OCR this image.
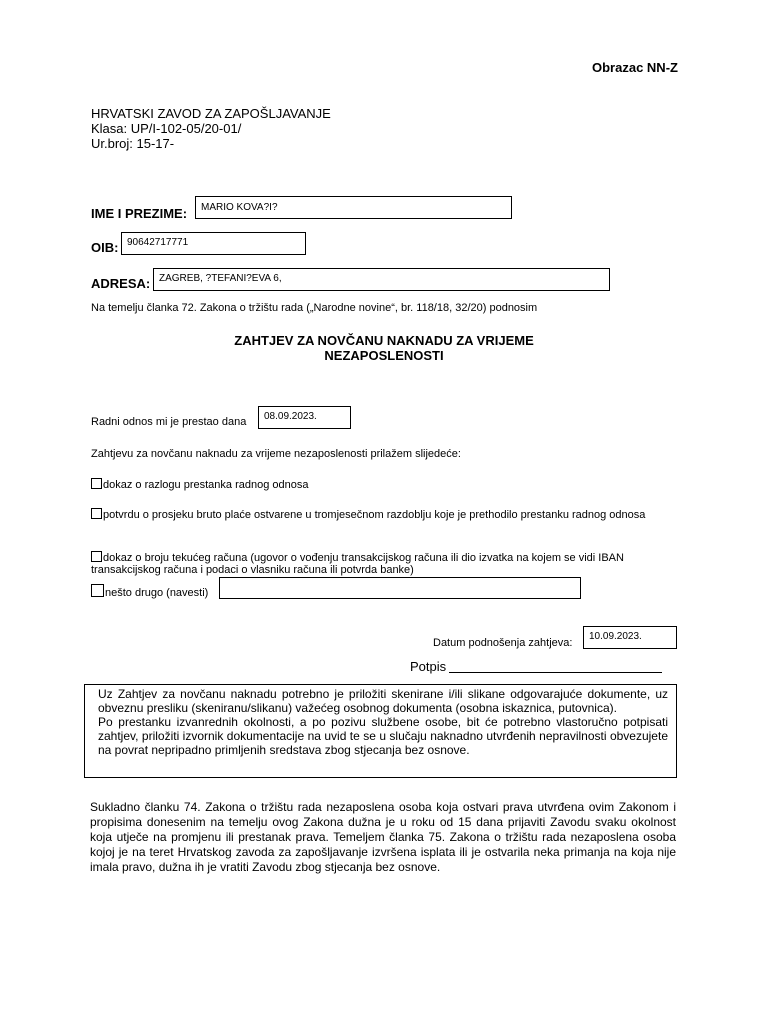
Obrazac NN-Z
HRVATSKI ZAVOD ZA ZAPOŠLJAVANJE
Klasa: UP/I-102-05/20-01/
Ur.broj: 15-17-
IME I PREZIME:	MARIO KOVA?I?
OIB: 90642717771
ADRESA: ZAGREB, ?TEFANI?EVA 6,
Na temelju članka 72. Zakona o tržištu rada („Narodne novine“, br. 118/18, 32/20) podnosim
ZAHTJEV ZA NOVČANU NAKNADU ZA VRIJEME
NEZAPOSLENOSTI
Radni odnos mi je prestao dana	08.09.2023.
Zahtjevu za novčanu naknadu za vrijeme nezaposlenosti prilažem slijedeće:
dokaz o razlogu prestanka radnog odnosa
potvrdu o prosjeku bruto plaće ostvarene u tromjesečnom razdoblju koje je prethodilo prestanku radnog odnosa
dokaz o broju tekućeg računa (ugovor o vođenju transakcijskog računa ili dio izvatka na kojem se vidi IBAN transakcijskog računa i podaci o vlasniku računa ili potvrda banke)
nešto drugo (navesti)
Datum podnošenja zahtjeva:
10.09.2023.
Potpis

Uz Zahtjev za novčanu naknadu potrebno je priložiti skenirane i/ili slikane odgovarajuće dokumente, uz obveznu presliku (skeniranu/slikanu) važećeg osobnog dokumenta (osobna iskaznica, putovnica).

Po prestanku izvanrednih okolnosti, a po pozivu službene osobe, bit će potrebno vlastoručno potpisati zahtjev, priložiti izvornik dokumentacije na uvid te se u slučaju naknadno utvrđenih nepravilnosti obvezujete na povrat nepripadno primljenih sredstava zbog stjecanja bez osnove.

Sukladno članku 74. Zakona o tržištu rada nezaposlena osoba koja ostvari prava utvrđena ovim Zakonom i propisima donesenim na temelju ovog Zakona dužna je u roku od 15 dana prijaviti Zavodu svaku okolnost koja utječe na promjenu ili prestanak prava. Temeljem članka 75. Zakona o tržištu rada nezaposlena osoba kojoj je na teret Hrvatskog zavoda za zapošljavanje izvršena isplata ili je ostvarila neka primanja na koja nije imala pravo, dužna ih je vratiti Zavodu zbog stjecanja bez osnove.
